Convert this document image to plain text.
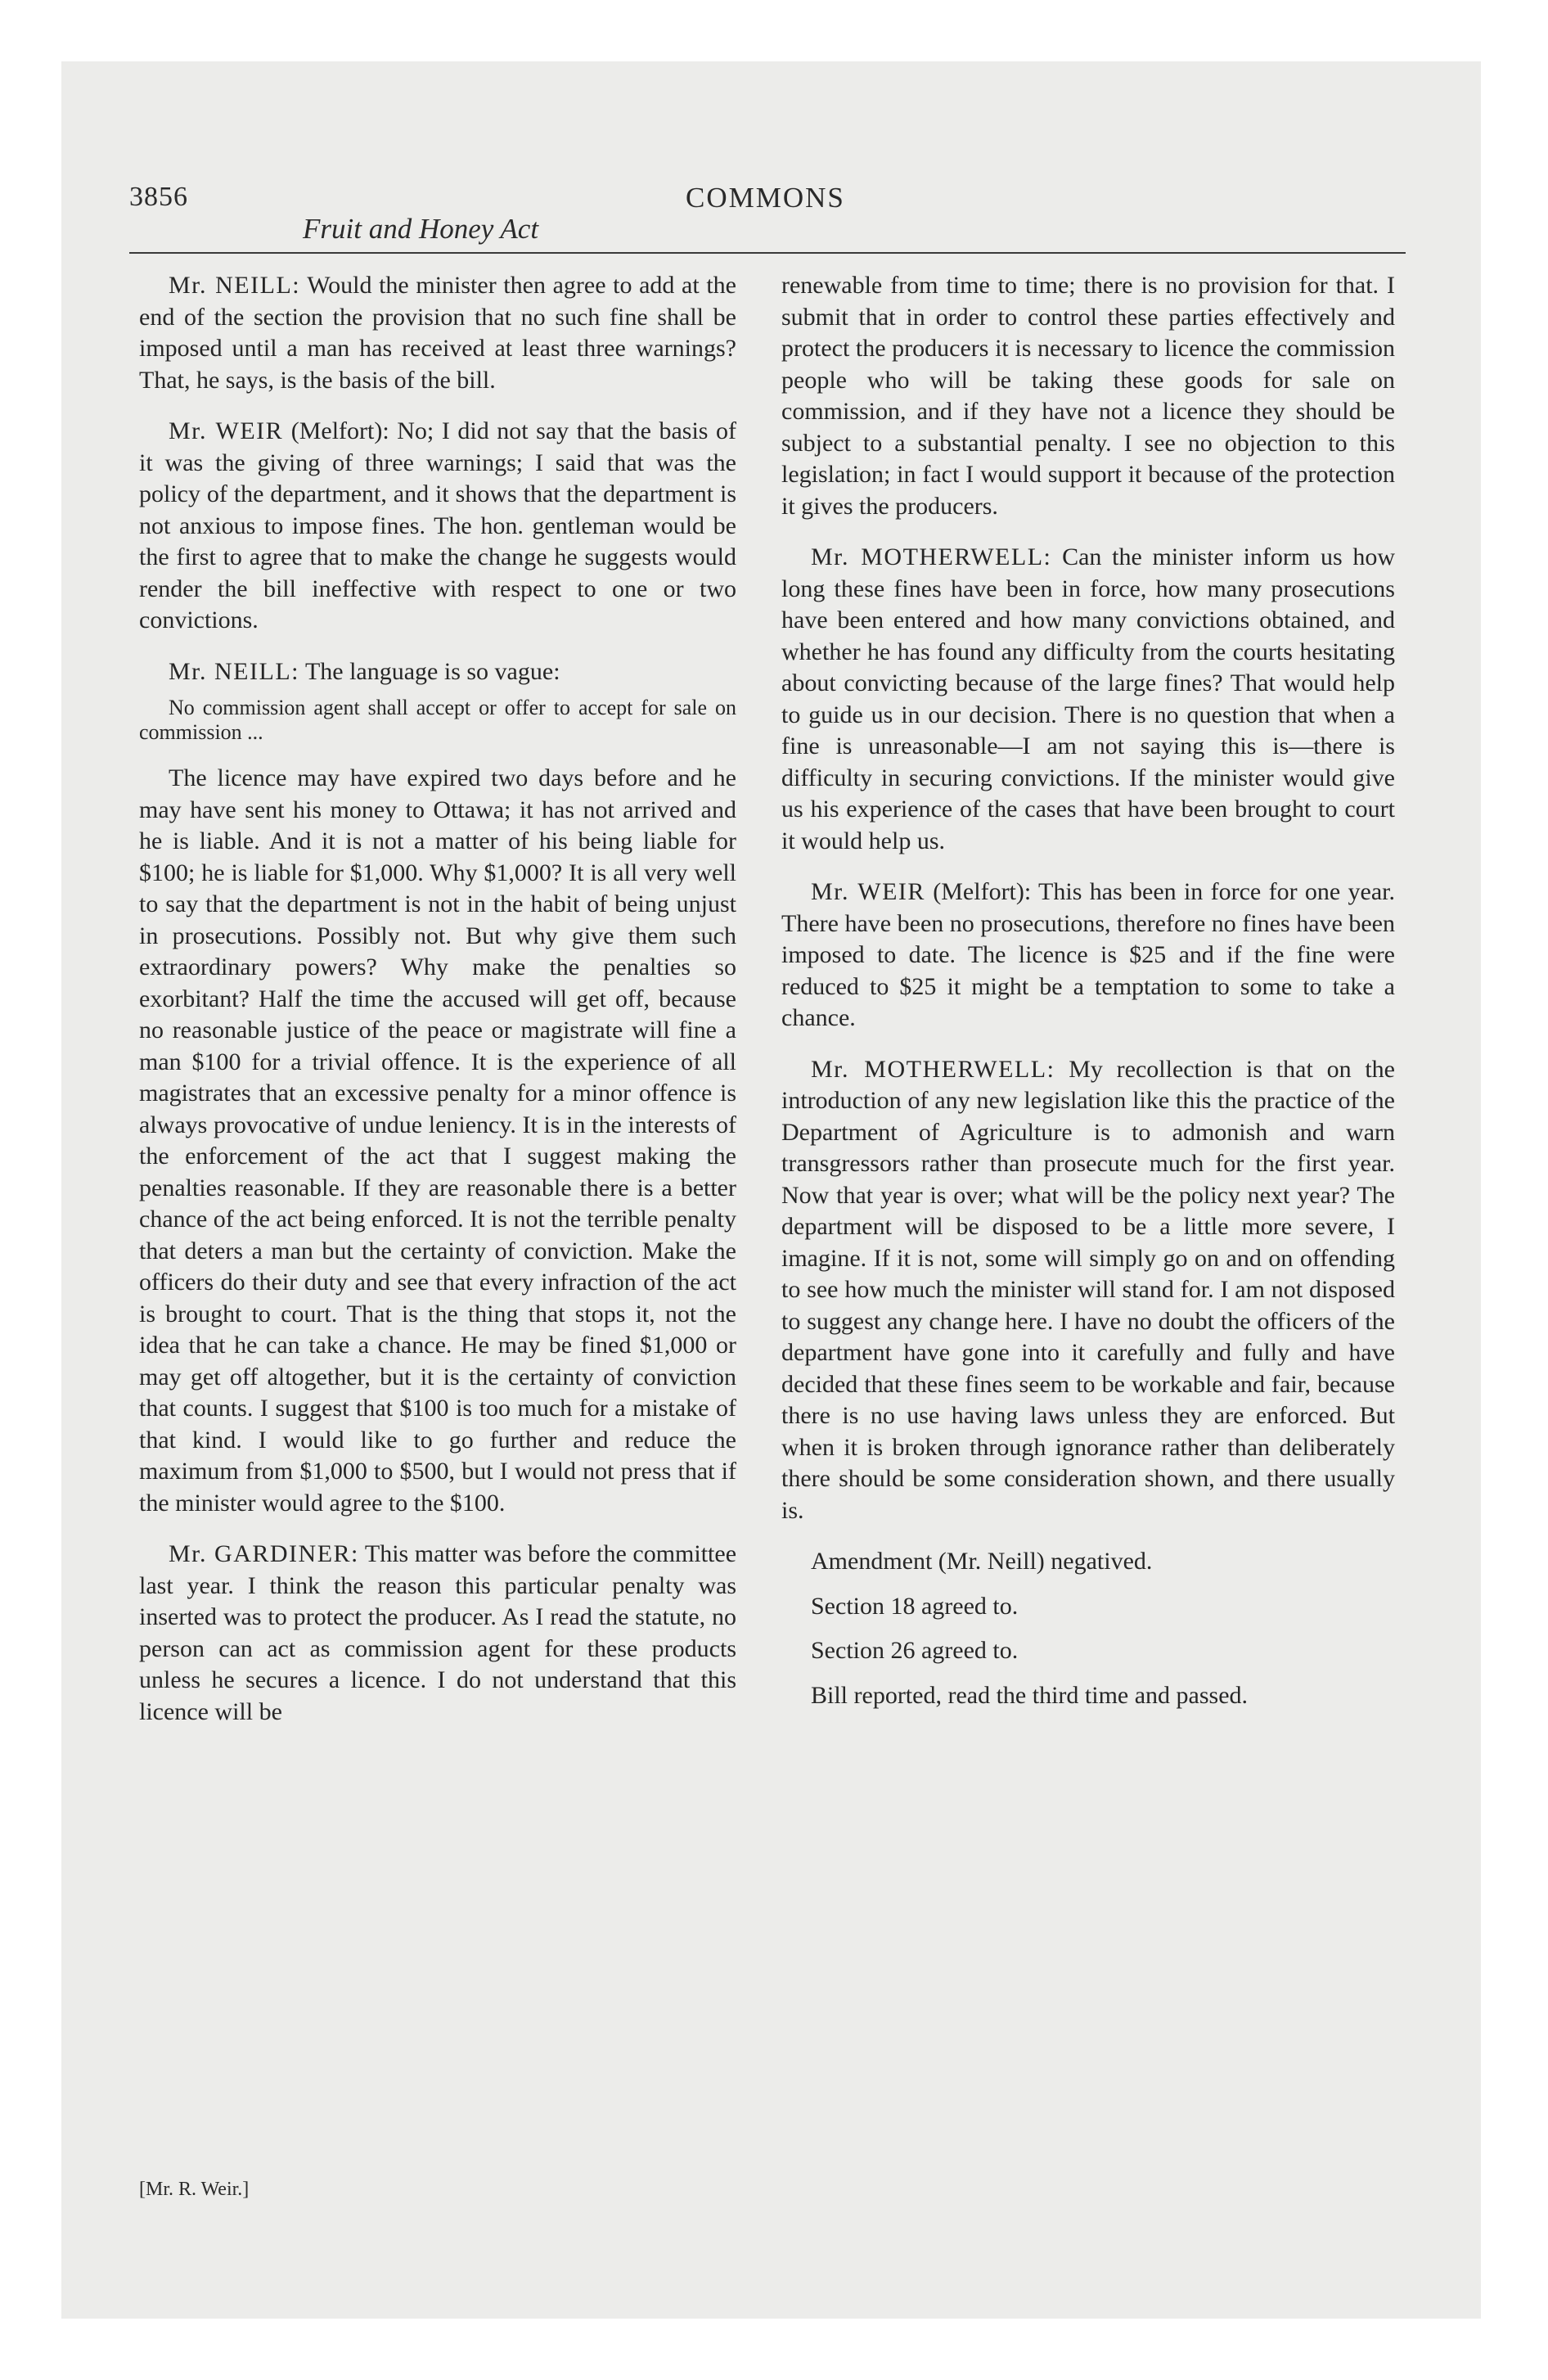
3856
Fruit and Honey Act
COMMONS

Mr. NEILL: Would the minister then agree to add at the end of the section the provision that no such fine shall be imposed until a man has received at least three warnings? That, he says, is the basis of the bill.

Mr. WEIR (Melfort): No; I did not say that the basis of it was the giving of three warnings; I said that was the policy of the department, and it shows that the department is not anxious to impose fines. The hon. gentleman would be the first to agree that to make the change he suggests would render the bill ineffective with respect to one or two convictions.

Mr. NEILL: The language is so vague:

No commission agent shall accept or offer to accept for sale on commission ...

The licence may have expired two days before and he may have sent his money to Ottawa; it has not arrived and he is liable. And it is not a matter of his being liable for $100; he is liable for $1,000. Why $1,000? It is all very well to say that the department is not in the habit of being unjust in prosecutions. Possibly not. But why give them such extraordinary powers? Why make the penalties so exorbitant? Half the time the accused will get off, because no reasonable justice of the peace or magistrate will fine a man $100 for a trivial offence. It is the experience of all magistrates that an excessive penalty for a minor offence is always provocative of undue leniency. It is in the interests of the enforcement of the act that I suggest making the penalties reasonable. If they are reasonable there is a better chance of the act being enforced. It is not the terrible penalty that deters a man but the certainty of conviction. Make the officers do their duty and see that every infraction of the act is brought to court. That is the thing that stops it, not the idea that he can take a chance. He may be fined $1,000 or may get off altogether, but it is the certainty of conviction that counts. I suggest that $100 is too much for a mistake of that kind. I would like to go further and reduce the maximum from $1,000 to $500, but I would not press that if the minister would agree to the $100.

Mr. GARDINER: This matter was before the committee last year. I think the reason this particular penalty was inserted was to protect the producer. As I read the statute, no person can act as commission agent for these products unless he secures a licence. I do not understand that this licence will be

[Mr. R. Weir.]

renewable from time to time; there is no provision for that. I submit that in order to control these parties effectively and protect the producers it is necessary to licence the commission people who will be taking these goods for sale on commission, and if they have not a licence they should be subject to a substantial penalty. I see no objection to this legislation; in fact I would support it because of the protection it gives the producers.

Mr. MOTHERWELL: Can the minister inform us how long these fines have been in force, how many prosecutions have been entered and how many convictions obtained, and whether he has found any difficulty from the courts hesitating about convicting because of the large fines? That would help to guide us in our decision. There is no question that when a fine is unreasonable—I am not saying this is—there is difficulty in securing convictions. If the minister would give us his experience of the cases that have been brought to court it would help us.

Mr. WEIR (Melfort): This has been in force for one year. There have been no prosecutions, therefore no fines have been imposed to date. The licence is $25 and if the fine were reduced to $25 it might be a temptation to some to take a chance.

Mr. MOTHERWELL: My recollection is that on the introduction of any new legislation like this the practice of the Department of Agriculture is to admonish and warn transgressors rather than prosecute much for the first year. Now that year is over; what will be the policy next year? The department will be disposed to be a little more severe, I imagine. If it is not, some will simply go on and on offending to see how much the minister will stand for. I am not disposed to suggest any change here. I have no doubt the officers of the department have gone into it carefully and fully and have decided that these fines seem to be workable and fair, because there is no use having laws unless they are enforced. But when it is broken through ignorance rather than deliberately there should be some consideration shown, and there usually is.

Amendment (Mr. Neill) negatived.

Section 18 agreed to.

Section 26 agreed to.

Bill reported, read the third time and passed.
